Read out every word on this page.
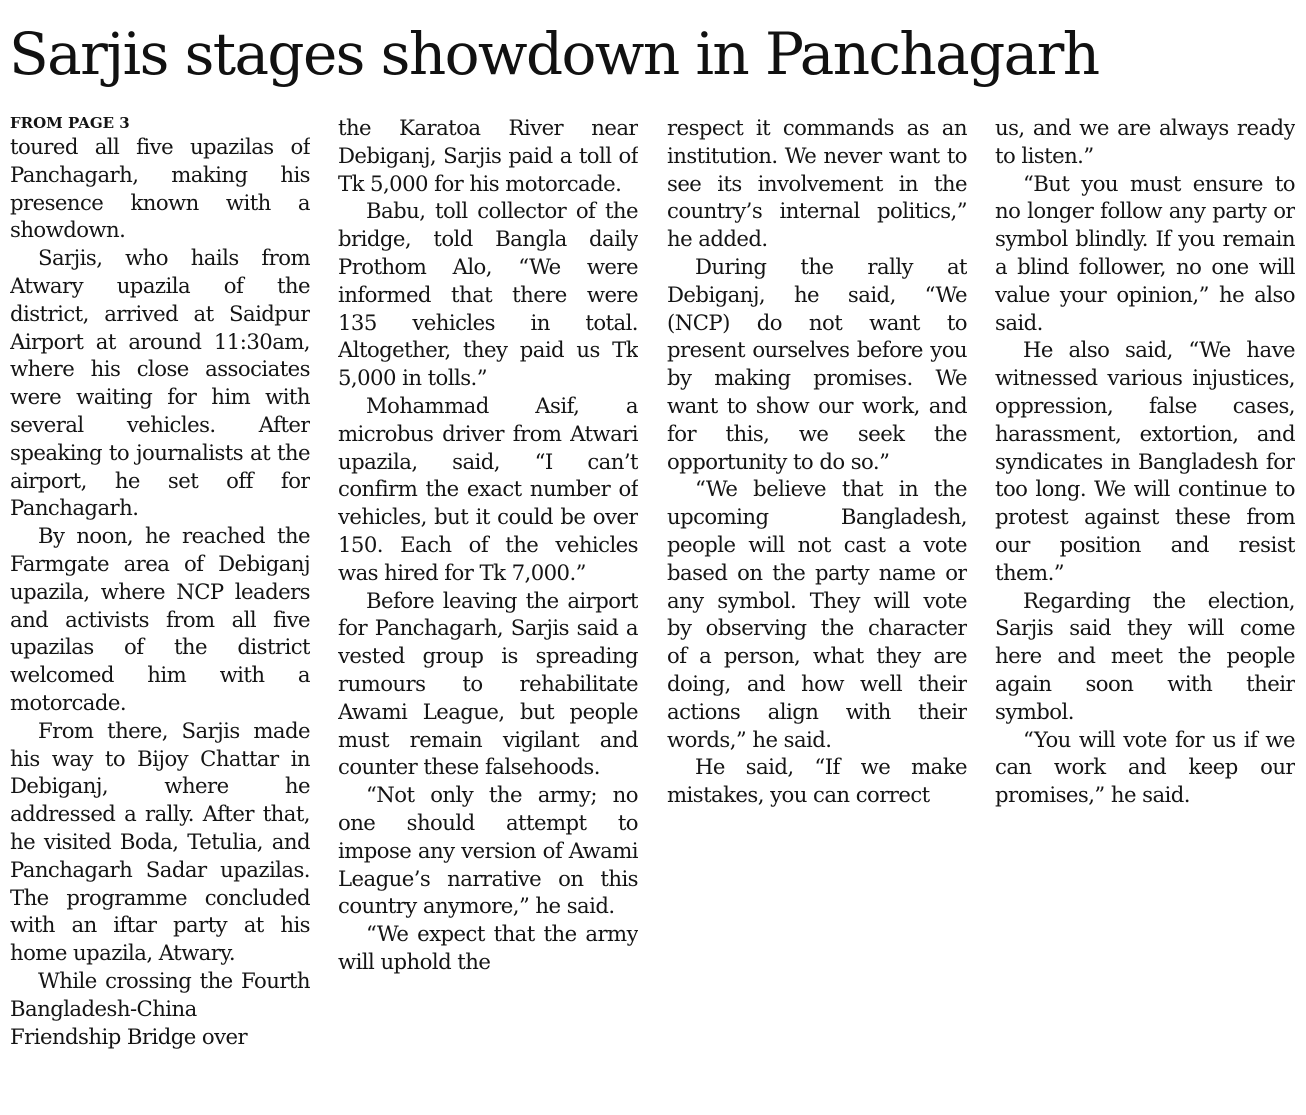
Sarjis stages showdown in Panchagarh
FROM PAGE 3

toured all five upazilas of Panchagarh, making his presence known with a showdown.

Sarjis, who hails from Atwary upazila of the district, arrived at Saidpur Airport at around 11:30am, where his close associates were waiting for him with several vehicles. After speaking to journalists at the airport, he set off for Panchagarh.

By noon, he reached the Farmgate area of Debiganj upazila, where NCP leaders and activists from all five upazilas of the district welcomed him with a motorcade.

From there, Sarjis made his way to Bijoy Chattar in Debiganj, where he addressed a rally. After that, he visited Boda, Tetulia, and Panchagarh Sadar upazilas. The programme concluded with an iftar party at his home upazila, Atwary.

While crossing the Fourth Bangladesh-China Friendship Bridge over

the Karatoa River near Debiganj, Sarjis paid a toll of Tk 5,000 for his motorcade.

Babu, toll collector of the bridge, told Bangla daily Prothom Alo, “We were informed that there were 135 vehicles in total. Altogether, they paid us Tk 5,000 in tolls.”

Mohammad Asif, a microbus driver from Atwari upazila, said, “I can’t confirm the exact number of vehicles, but it could be over 150. Each of the vehicles was hired for Tk 7,000.”

Before leaving the airport for Panchagarh, Sarjis said a vested group is spreading rumours to rehabilitate Awami League, but people must remain vigilant and counter these falsehoods.

“Not only the army; no one should attempt to impose any version of Awami League’s narrative on this country anymore,” he said.

“We expect that the army will uphold the

respect it commands as an institution. We never want to see its involvement in the country’s internal politics,” he added.

During the rally at Debiganj, he said, “We (NCP) do not want to present ourselves before you by making promises. We want to show our work, and for this, we seek the opportunity to do so.”

“We believe that in the upcoming Bangladesh, people will not cast a vote based on the party name or any symbol. They will vote by observing the character of a person, what they are doing, and how well their actions align with their words,” he said.

He said, “If we make mistakes, you can correct

us, and we are always ready to listen.”

“But you must ensure to no longer follow any party or symbol blindly. If you remain a blind follower, no one will value your opinion,” he also said.

He also said, “We have witnessed various injustices, oppression, false cases, harassment, extortion, and syndicates in Bangladesh for too long. We will continue to protest against these from our position and resist them.”

Regarding the election, Sarjis said they will come here and meet the people again soon with their symbol.

“You will vote for us if we can work and keep our promises,” he said.
